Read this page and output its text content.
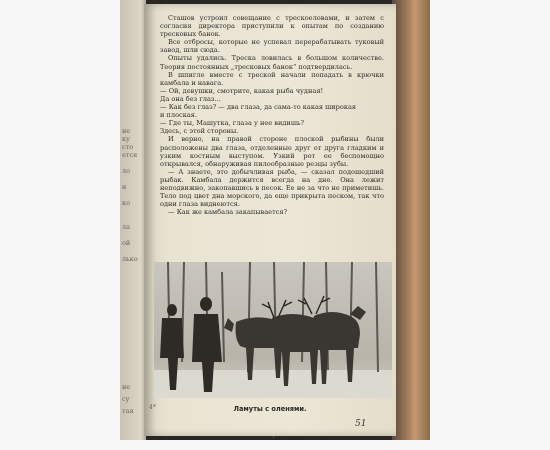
не
ку
сто
ется
ло
и
ко
ла
ой
лько
не
су
тая

Сташов устроил совещание с трескоеловами, и затем с согласия директора приступили к опытам по созданию тресковых банок.

Все отбросы, которые не успевал перерабатывать туковый завод, шли сюда.

Опыты удались. Треска ловилась в большом количестве. Теория постоянных „тресковых банок“ подтвердилась.

В шпигле вместе с треской начали попадать в крючки камбала и навага.

— Ой, девушки, смотрите, какая рыба чудная!

Да она без глаз...

— Как без глаз? — два глаза, да сама-то какая широкая

и плоская.

— Где ты, Машутка, глаза у нее видишь?

Здесь, с этой стороны.

И верно, на правой стороне плоской рыбины были расположены два глаза, отделенные друг от друга гладким и узким костным выступом. Узкий рот ее беспомощно открывался, обнаруживая пилообразные резцы зубы.

— А знаете, это добычливая рыба, — сказал подошедший рыбак. Камбала держится всегда на дне. Она лежит неподвижно, закопавшись в песок. Ее не за что не приметишь. Тело под цвет дна морского, да еще прикрыта песком, так что одни глаза виднеются.

— Как же камбала закапывается?

4*	Ламуты с оленями.
51
•
